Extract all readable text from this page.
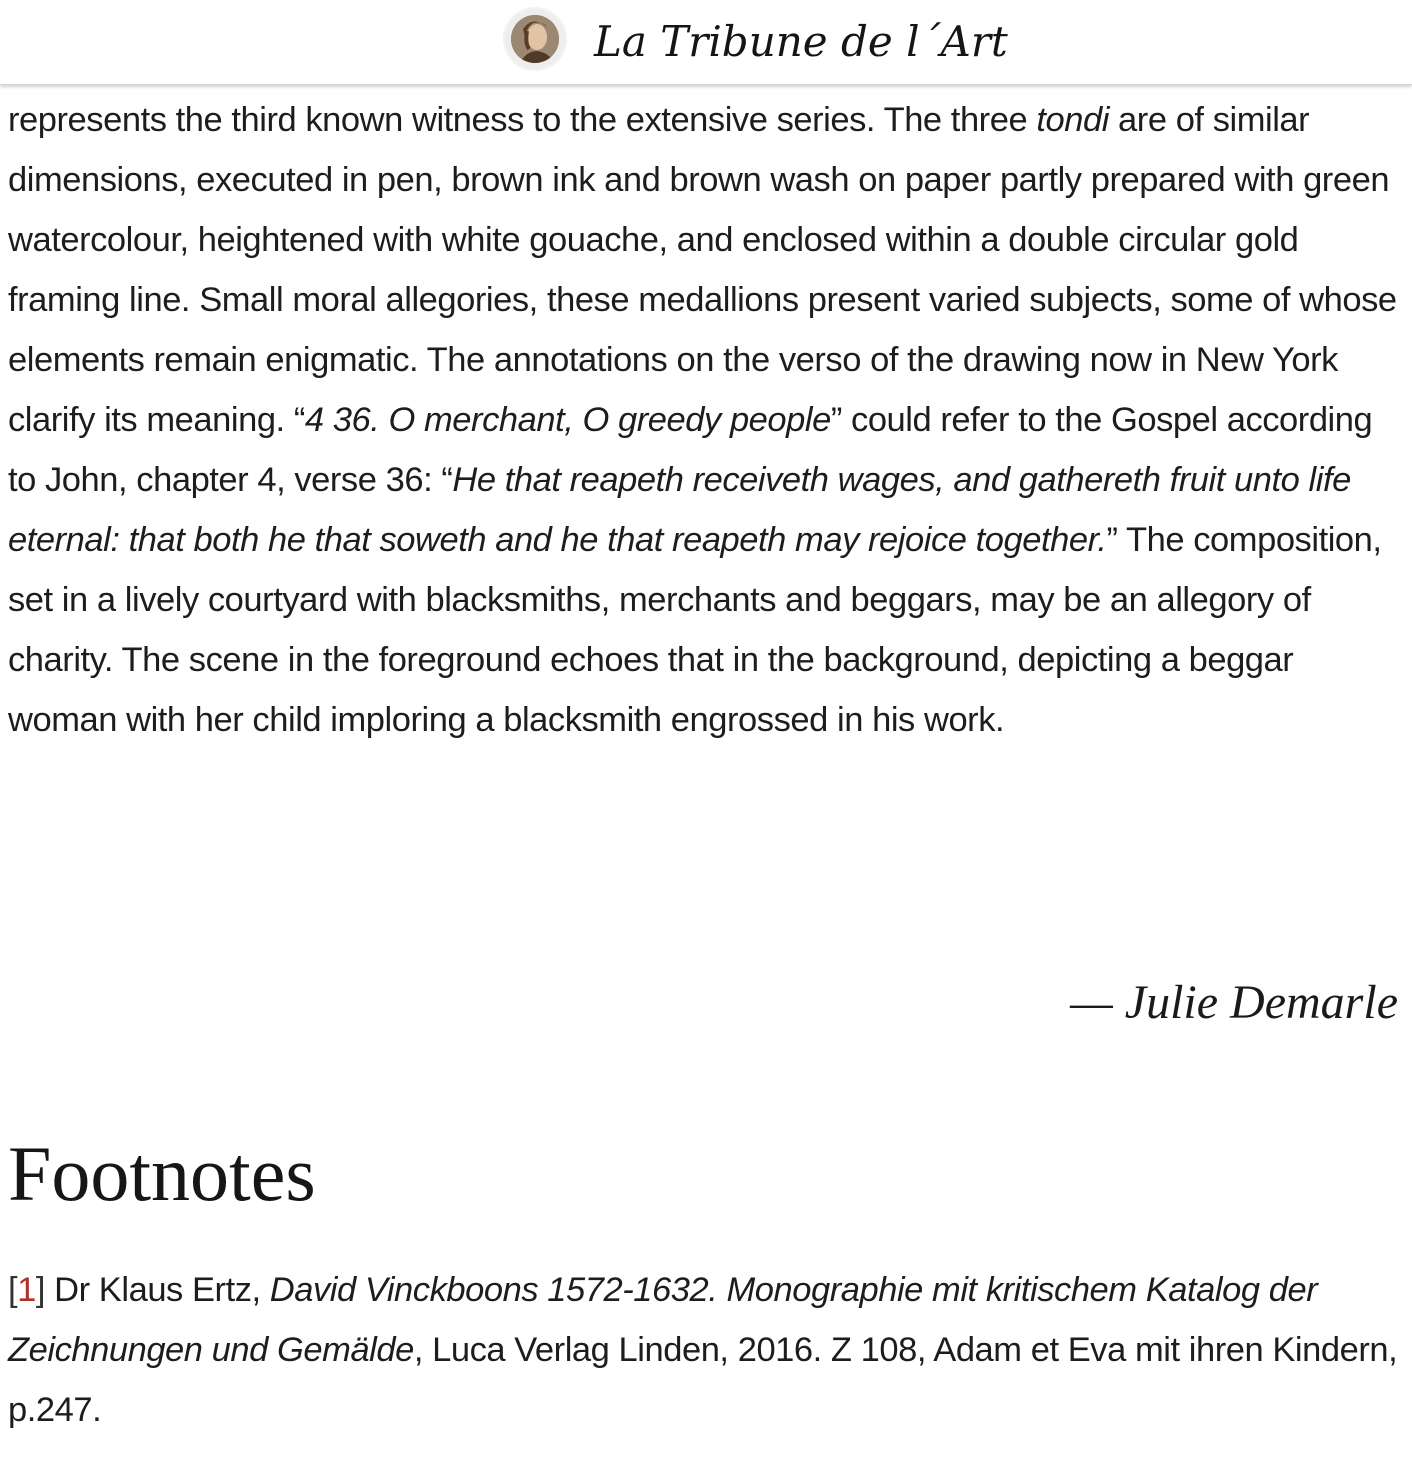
La Tribune de l´Art

represents the third known witness to the extensive series. The three tondi are of similar dimensions, executed in pen, brown ink and brown wash on paper partly prepared with green watercolour, heightened with white gouache, and enclosed within a double circular gold framing line. Small moral allegories, these medallions present varied subjects, some of whose elements remain enigmatic. The annotations on the verso of the drawing now in New York clarify its meaning. “4 36. O merchant, O greedy people” could refer to the Gospel according to John, chapter 4, verse 36: “He that reapeth receiveth wages, and gathereth fruit unto life eternal: that both he that soweth and he that reapeth may rejoice together.” The composition, set in a lively courtyard with blacksmiths, merchants and beggars, may be an allegory of charity. The scene in the foreground echoes that in the background, depicting a beggar woman with her child imploring a blacksmith engrossed in his work.

— Julie Demarle
Footnotes

[1] Dr Klaus Ertz, David Vinckboons 1572-1632. Monographie mit kritischem Katalog der Zeichnungen und Gemälde, Luca Verlag Linden, 2016. Z 108, Adam et Eva mit ihren Kindern, p.247.
